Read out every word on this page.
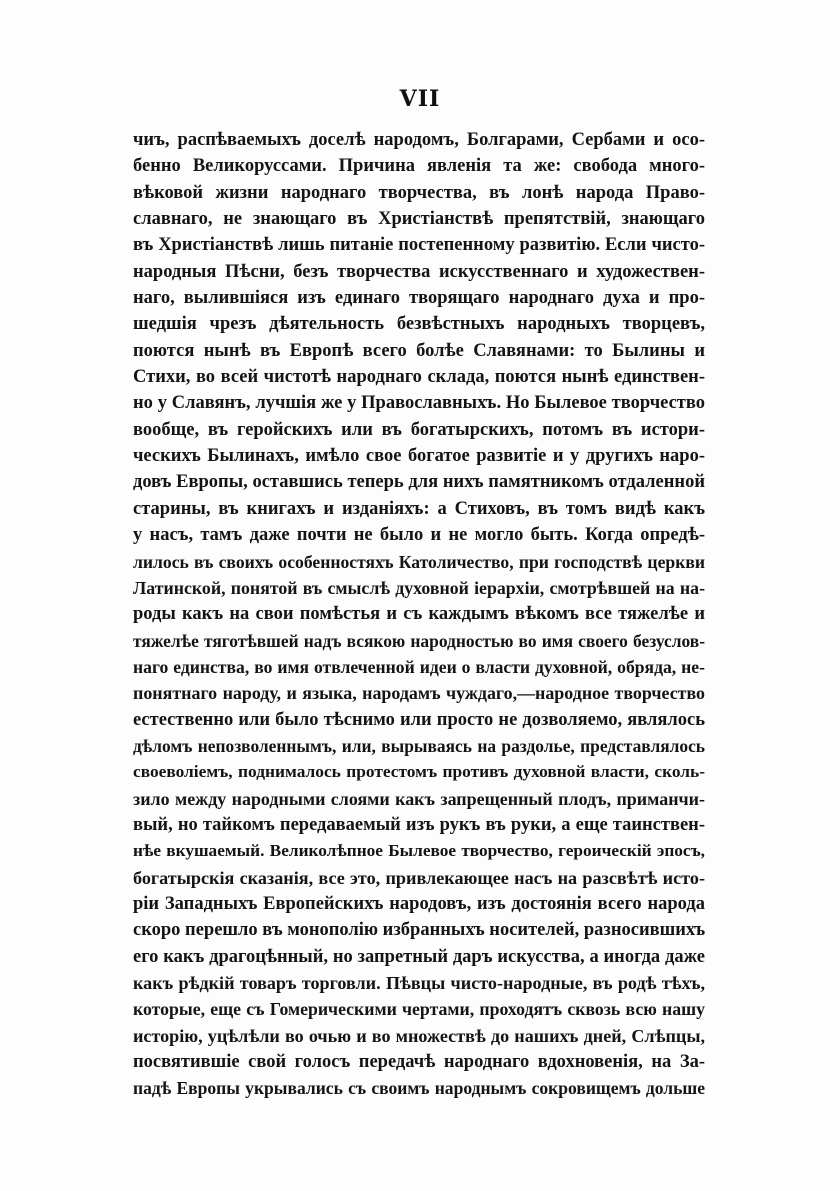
VII
чиъ, распѣваемыхъ доселѣ народомъ, Болгарами, Сербами и осо-
бенно Великоруссами. Причина явленія та же: свобода много-
вѣковой жизни народнаго творчества, въ лонѣ народа Право-
славнаго, не знающаго въ Христіанствѣ препятствій, знающаго
въ Христіанствѣ лишь питаніе постепенному развитію. Если чисто-
народныя Пѣсни, безъ творчества искусственнаго и художествен-
наго, вылившіяся изъ единаго творящаго народнаго духа и про-
шедшія чрезъ дѣятельность безвѣстныхъ народныхъ творцевъ,
поются нынѣ въ Европѣ всего болѣе Славянами: то Былины и
Стихи, во всей чистотѣ народнаго склада, поются нынѣ единствен-
но у Славянъ, лучшія же у Православныхъ. Но Былевое творчество
вообще, въ геройскихъ или въ богатырскихъ, потомъ въ истори-
ческихъ Былинахъ, имѣло свое богатое развитіе и у другихъ наро-
довъ Европы, оставшись теперь для нихъ памятникомъ отдаленной
старины, въ книгахъ и изданіяхъ: а Стиховъ, въ томъ видѣ какъ
у насъ, тамъ даже почти не было и не могло быть. Когда опредѣ-
лилось въ своихъ особенностяхъ Католичество, при господствѣ церкви
Латинской, понятой въ смыслѣ духовной іерархіи, смотрѣвшей на на-
роды какъ на свои помѣстья и съ каждымъ вѣкомъ все тяжелѣе и
тяжелѣе тяготѣвшей надъ всякою народностью во имя своего безуслов-
наго единства, во имя отвлеченной идеи о власти духовной, обряда, не-
понятнаго народу, и языка, народамъ чуждаго,—народное творчество
естественно или было тѣснимо или просто не дозволяемо, являлось
дѣломъ непозволеннымъ, или, вырываясь на раздолье, представлялось
своеволіемъ, поднималось протестомъ противъ духовной власти, сколь-
зило между народными слоями какъ запрещенный плодъ, приманчи-
вый, но тайкомъ передаваемый изъ рукъ въ руки, а еще таинствен-
нѣе вкушаемый. Великолѣпное Былевое творчество, героическій эпосъ,
богатырскія сказанія, все это, привлекающее насъ на разсвѣтѣ исто-
ріи Западныхъ Европейскихъ народовъ, изъ достоянія всего народа
скоро перешло въ монополію избранныхъ носителей, разносившихъ
его какъ драгоцѣнный, но запретный даръ искусства, а иногда даже
какъ рѣдкій товаръ торговли. Пѣвцы чисто-народные, въ родѣ тѣхъ,
которые, еще съ Гомерическими чертами, проходятъ сквозь всю нашу
исторію, уцѣлѣли во очью и во множествѣ до нашихъ дней, Слѣпцы,
посвятившіе свой голосъ передачѣ народнаго вдохновенія, на За-
падѣ Европы укрывались съ своимъ народнымъ сокровищемъ дольше
